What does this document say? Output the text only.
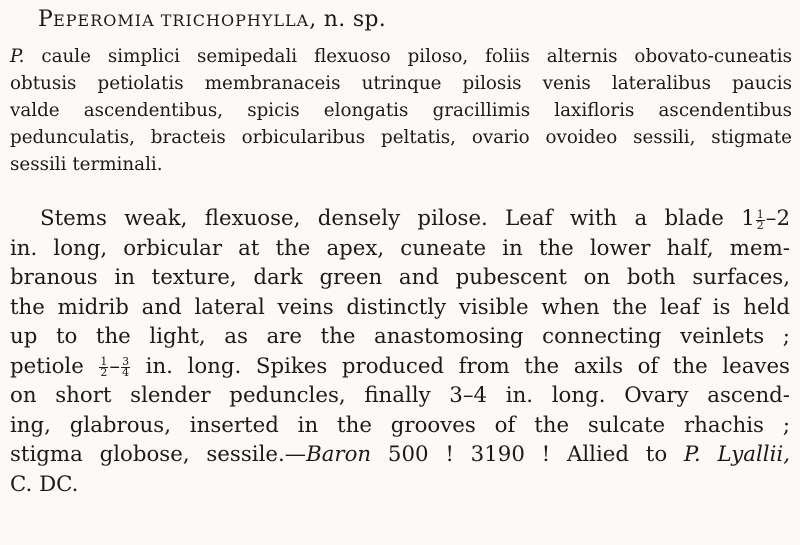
PEPEROMIA TRICHOPHYLLA, n. sp.
P. caule simplici semipedali flexuoso piloso, foliis alternis obovato-cuneatis
obtusis petiolatis membranaceis utrinque pilosis venis lateralibus paucis
valde ascendentibus, spicis elongatis gracillimis laxifloris ascendentibus
pedunculatis, bracteis orbicularibus peltatis, ovario ovoideo sessili, stigmate
sessili terminali.
Stems weak, flexuose, densely pilose. Leaf with a blade $1 \frac{1}{2} -2$
in. long, orbicular at the apex, cuneate in the lower half, mem-
branous in texture, dark green and pubescent on both surfaces,
the midrib and lateral veins distinctly visible when the leaf is held
up to the light, as are the anastomosing connecting veinlets ;
petiole $\frac{1}{2} - \frac{3}{4}$ in. long. Spikes produced from the axils of the leaves
on short slender peduncles, finally 3–4 in. long. Ovary ascend-
ing, glabrous, inserted in the grooves of the sulcate rhachis ;
stigma globose, sessile.—Baron 500 ! 3190 ! Allied to P. Lyallii,
C. DC.
